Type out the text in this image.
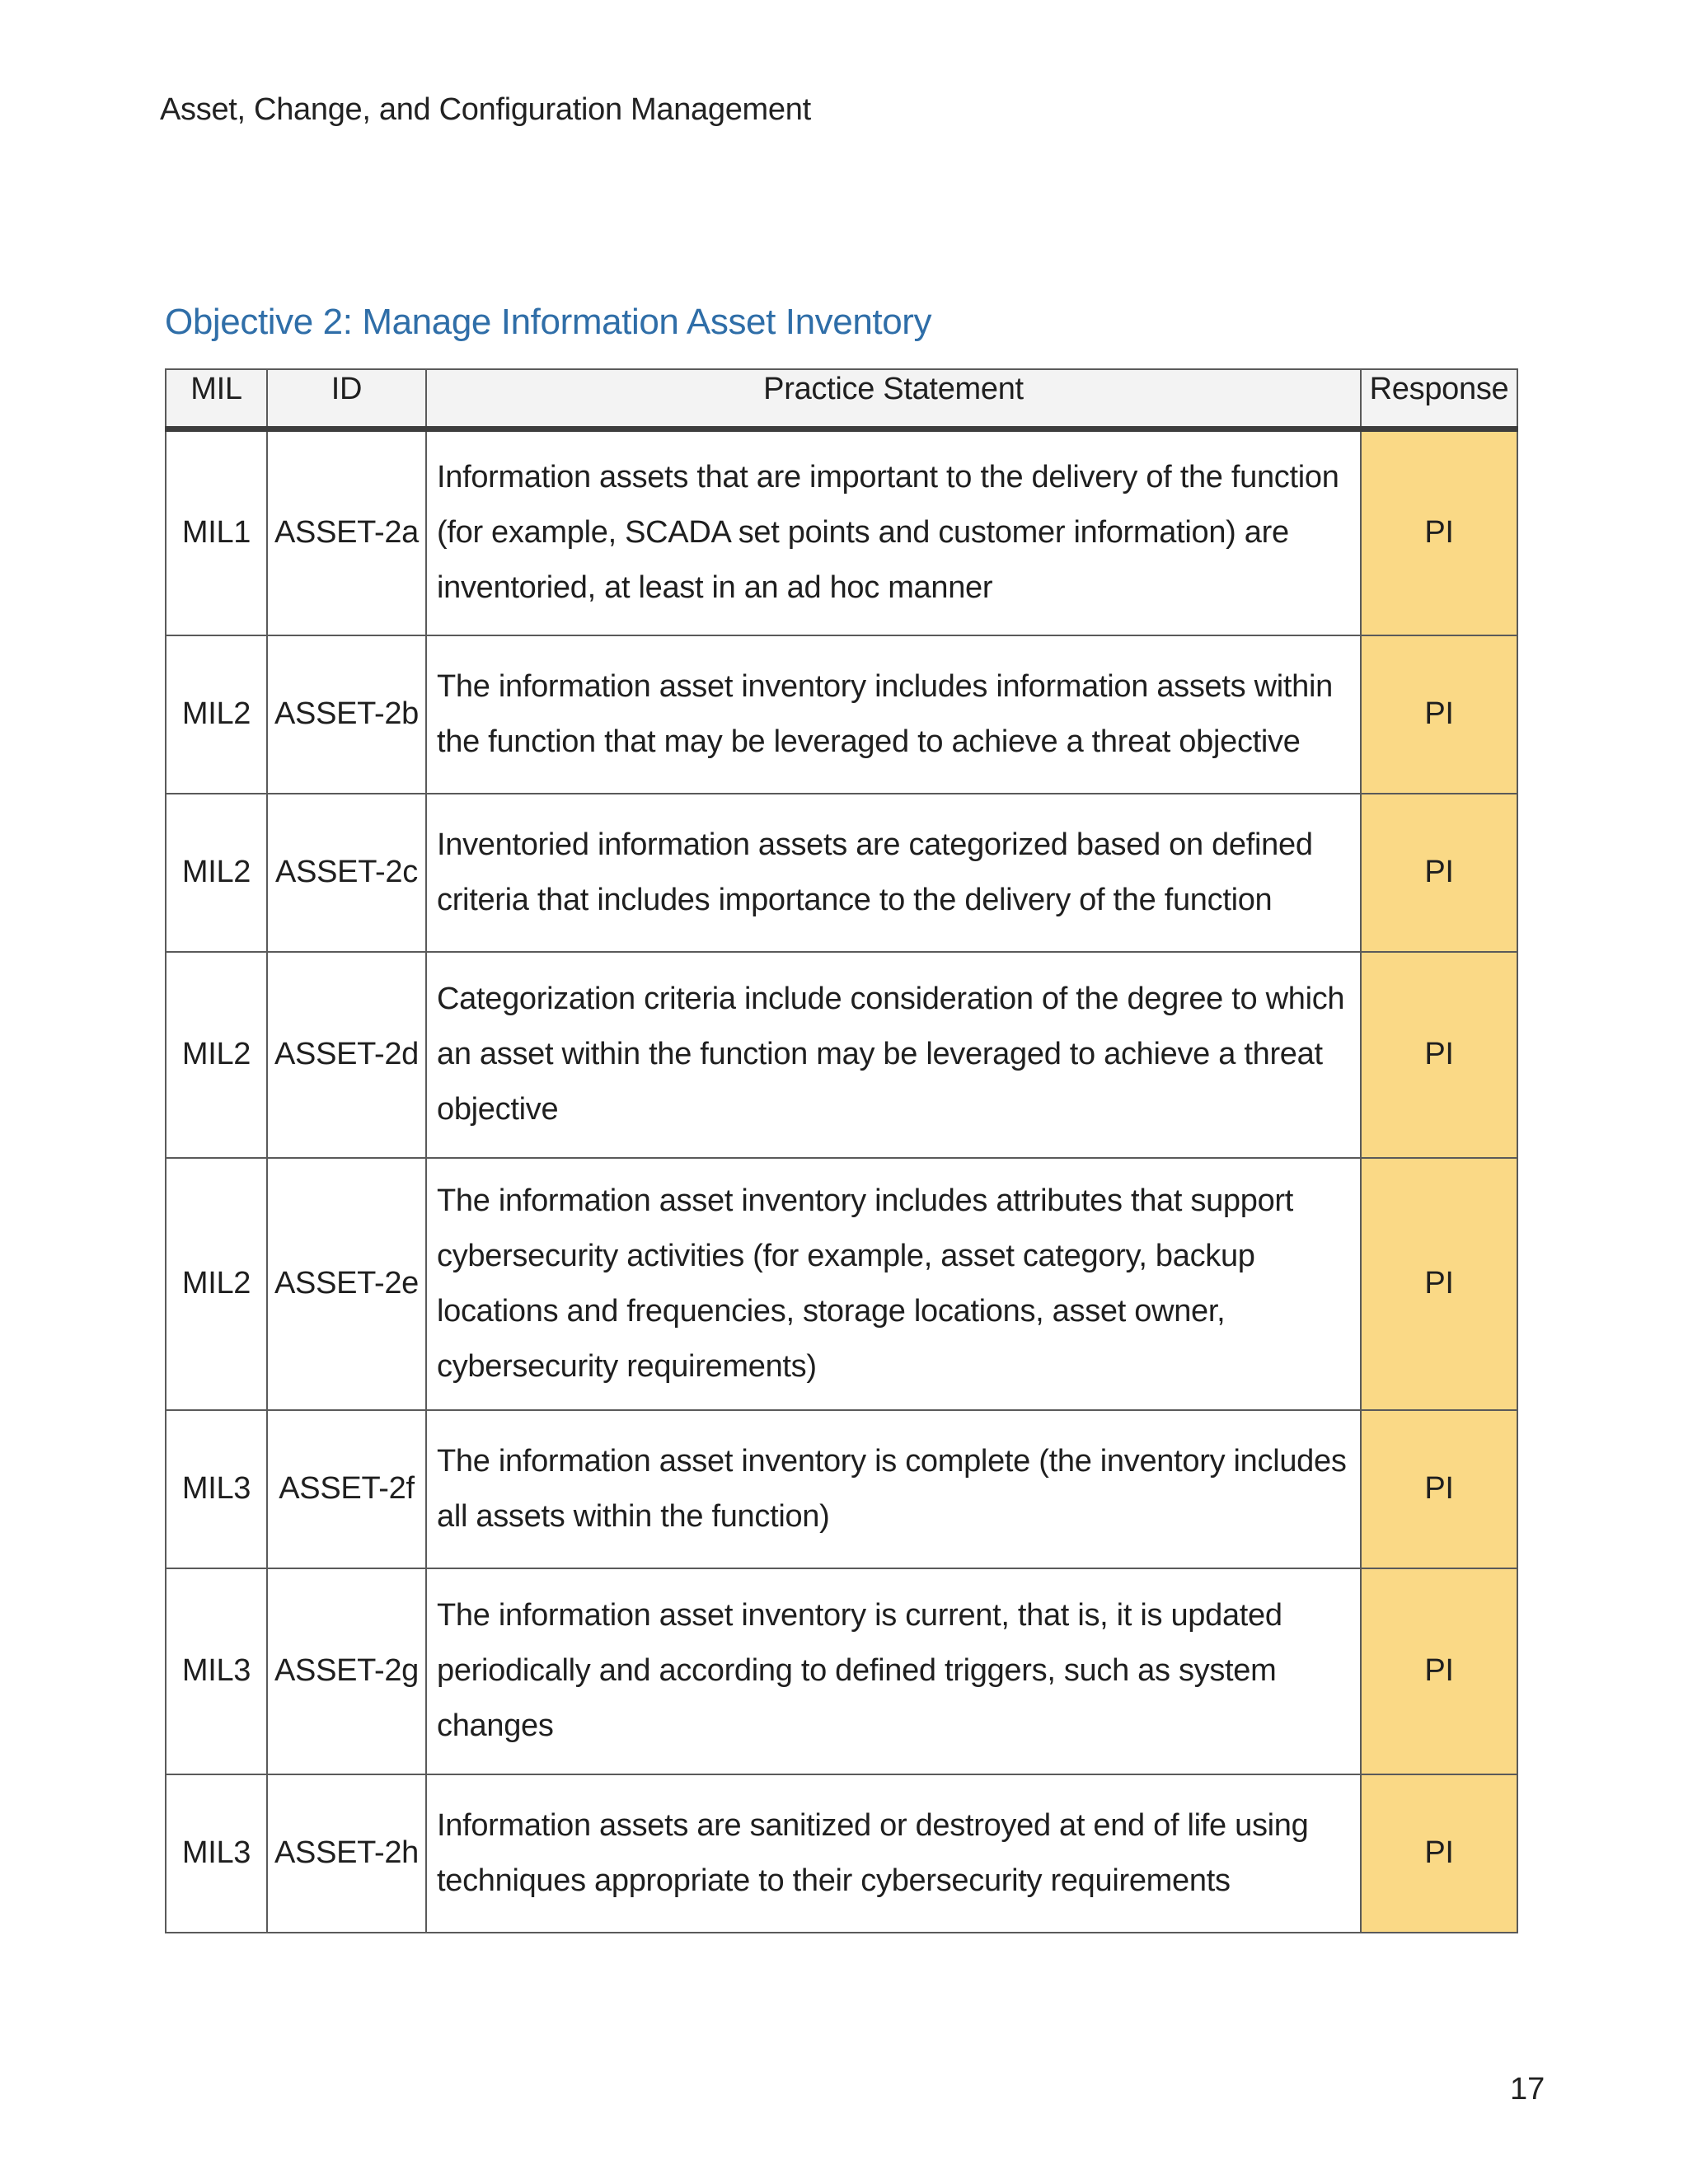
Asset, Change, and Configuration Management
Objective 2: Manage Information Asset Inventory
MIL	ID	Practice Statement	Response
MIL1	ASSET-2a	Information assets that are important to the delivery of the function (for example, SCADA set points and customer information) are inventoried, at least in an ad hoc manner	PI
MIL2	ASSET-2b	The information asset inventory includes information assets within the function that may be leveraged to achieve a threat objective	PI
MIL2	ASSET-2c	Inventoried information assets are categorized based on defined criteria that includes importance to the delivery of the function	PI
MIL2	ASSET-2d	Categorization criteria include consideration of the degree to which an asset within the function may be leveraged to achieve a threat objective	PI
MIL2	ASSET-2e	The information asset inventory includes attributes that support cybersecurity activities (for example, asset category, backup locations and frequencies, storage locations, asset owner, cybersecurity requirements)	PI
MIL3	ASSET-2f	The information asset inventory is complete (the inventory includes all assets within the function)	PI
MIL3	ASSET-2g	The information asset inventory is current, that is, it is updated periodically and according to defined triggers, such as system changes	PI
MIL3	ASSET-2h	Information assets are sanitized or destroyed at end of life using techniques appropriate to their cybersecurity requirements	PI
17
